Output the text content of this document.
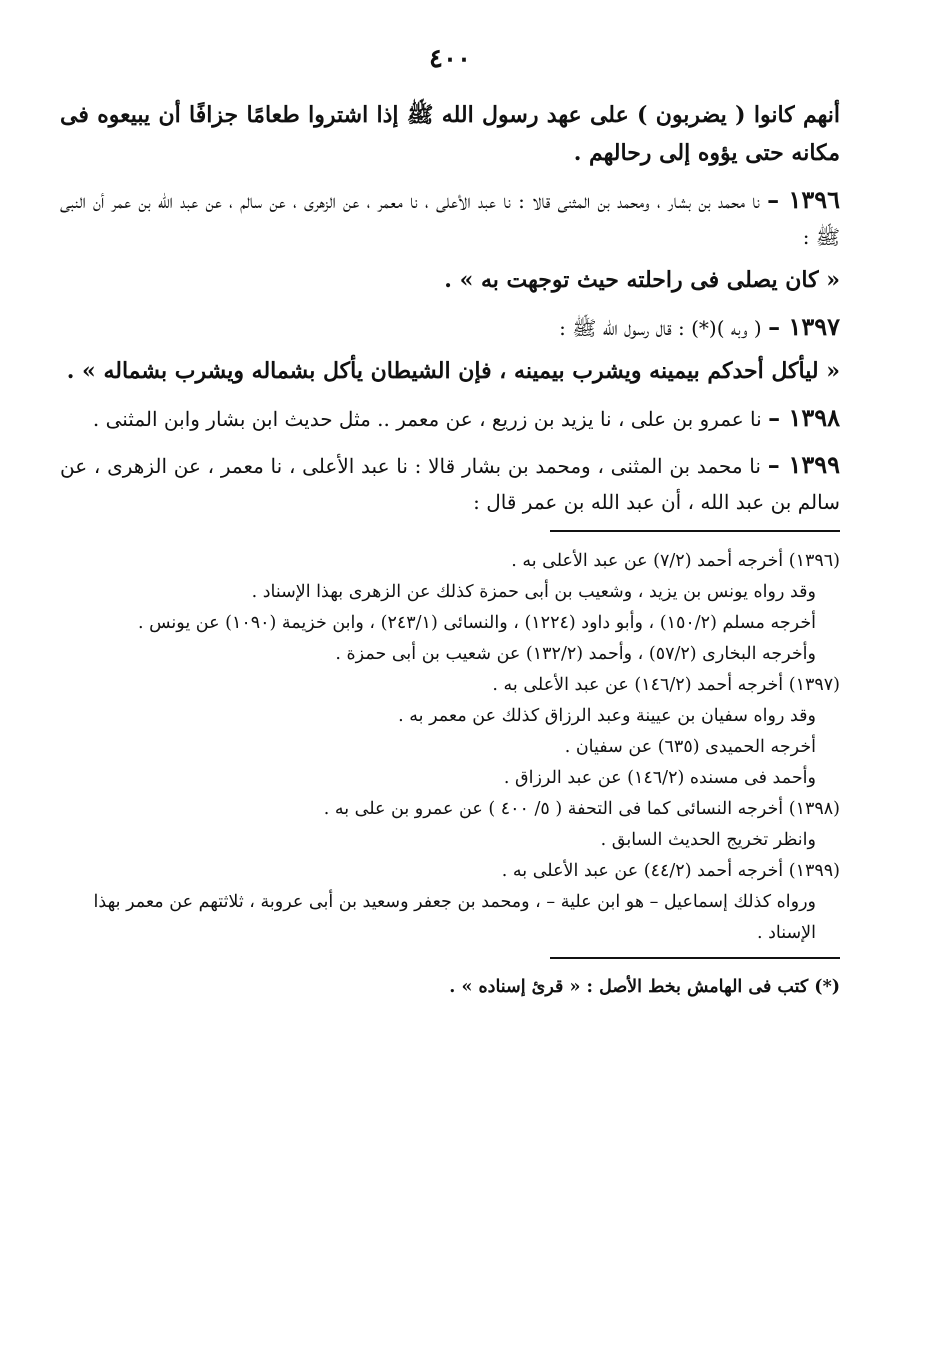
٤٠٠

أنهم كانوا ( يضربون ) على عهد رسول الله ﷺ إذا اشتروا طعامًا جزافًا أن يبيعوه فى مكانه حتى يؤوه إلى رحالهم .

١٣٩٦ – نا محمد بن بشار ، ومحمد بن المثنى قالا : نا عبد الأعلى ، نا معمر ، عن الزهرى ، عن سالم ، عن عبد الله بن عمر أن النبى ﷺ :

« كان يصلى فى راحلته حيث توجهت به » .

١٣٩٧ – ( وبه )(*) : قال رسول الله ﷺ :

« ليأكل أحدكم بيمينه ويشرب بيمينه ، فإن الشيطان يأكل بشماله ويشرب بشماله » .

١٣٩٨ – نا عمرو بن على ، نا يزيد بن زريع ، عن معمر .. مثل حديث ابن بشار وابن المثنى .

١٣٩٩ – نا محمد بن المثنى ، ومحمد بن بشار قالا : نا عبد الأعلى ، نا معمر ، عن الزهرى ، عن سالم بن عبد الله ، أن عبد الله بن عمر قال :

(١٣٩٦) أخرجه أحمد (٧/٢) عن عبد الأعلى به .

وقد رواه يونس بن يزيد ، وشعيب بن أبى حمزة كذلك عن الزهرى بهذا الإسناد .

أخرجه مسلم (١٥٠/٢) ، وأبو داود (١٢٢٤) ، والنسائى (٢٤٣/١) ، وابن خزيمة (١٠٩٠) عن يونس .

وأخرجه البخارى (٥٧/٢) ، وأحمد (١٣٢/٢) عن شعيب بن أبى حمزة .

(١٣٩٧) أخرجه أحمد (١٤٦/٢) عن عبد الأعلى به .

وقد رواه سفيان بن عيينة وعبد الرزاق كذلك عن معمر به .

أخرجه الحميدى (٦٣٥) عن سفيان .

وأحمد فى مسنده (١٤٦/٢) عن عبد الرزاق .

(١٣٩٨) أخرجه النسائى كما فى التحفة ( ٥/ ٤٠٠ ) عن عمرو بن على به .

وانظر تخريج الحديث السابق .

(١٣٩٩) أخرجه أحمد (٤٤/٢) عن عبد الأعلى به .

ورواه كذلك إسماعيل – هو ابن علية – ، ومحمد بن جعفر وسعيد بن أبى عروبة ، ثلاثتهم عن معمر بهذا الإسناد .

(*) كتب فى الهامش بخط الأصل : « قرئ إسناده » .
